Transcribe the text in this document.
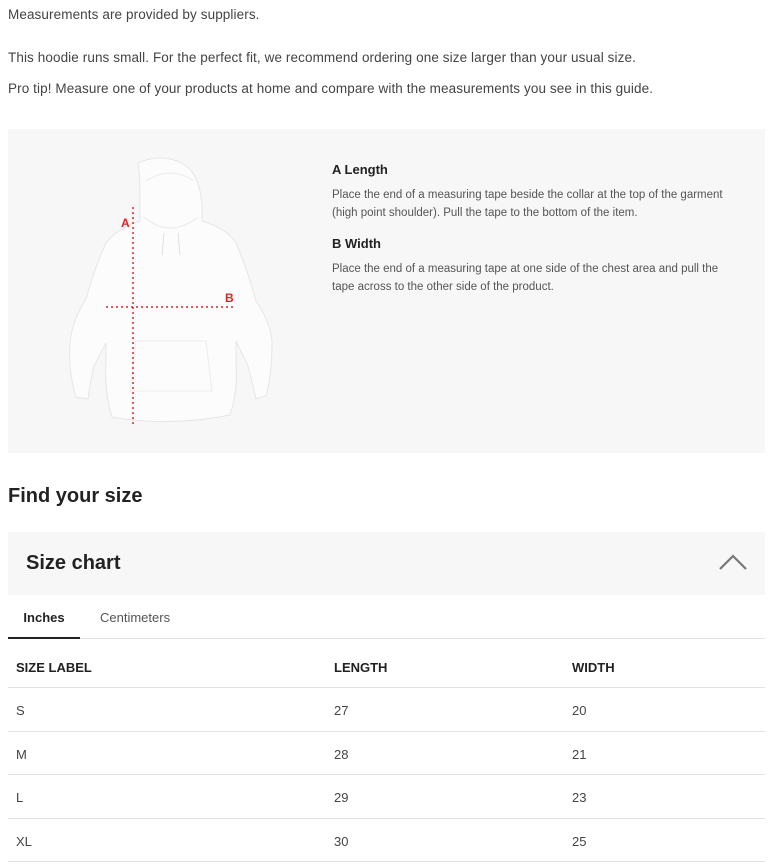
Measurements are provided by suppliers.

This hoodie runs small. For the perfect fit, we recommend ordering one size larger than your usual size.

Pro tip! Measure one of your products at home and compare with the measurements you see in this guide.

A
B
A Length

Place the end of a measuring tape beside the collar at the top of the garment (high point shoulder). Pull the tape to the bottom of the item.

B Width

Place the end of a measuring tape at one side of the chest area and pull the tape across to the other side of the product.

Find your size
Size chart
Inches	Centimeters
SIZE LABEL	LENGTH	WIDTH
S	27	20
M	28	21
L	29	23
XL	30	25
